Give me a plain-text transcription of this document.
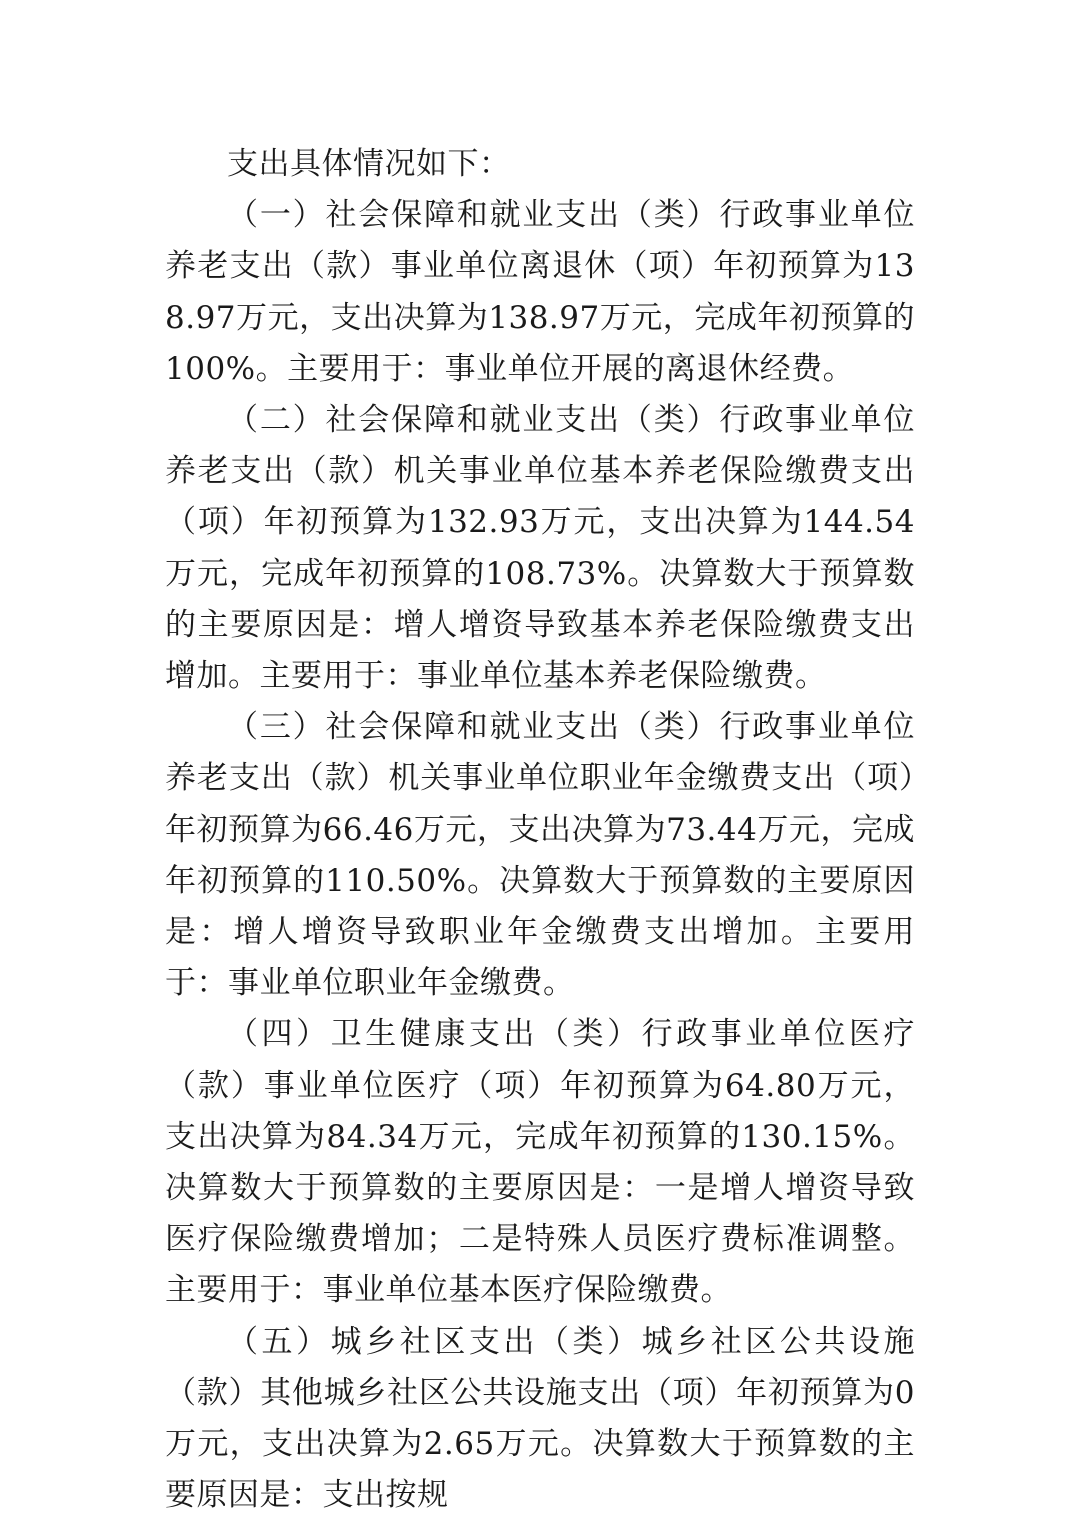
支出具体情况如下：

（一）社会保障和就业支出（类）行政事业单位养老支出（款）事业单位离退休（项）年初预算为138.97万元，支出决算为138.97万元，完成年初预算的100%。主要用于：事业单位开展的离退休经费。

（二）社会保障和就业支出（类）行政事业单位养老支出（款）机关事业单位基本养老保险缴费支出（项）年初预算为132.93万元，支出决算为144.54万元，完成年初预算的108.73%。决算数大于预算数的主要原因是：增人增资导致基本养老保险缴费支出增加。主要用于：事业单位基本养老保险缴费。

（三）社会保障和就业支出（类）行政事业单位养老支出（款）机关事业单位职业年金缴费支出（项）年初预算为66.46万元，支出决算为73.44万元，完成年初预算的110.50%。决算数大于预算数的主要原因是：增人增资导致职业年金缴费支出增加。主要用于：事业单位职业年金缴费。

（四）卫生健康支出（类）行政事业单位医疗（款）事业单位医疗（项）年初预算为64.80万元，支出决算为84.34万元，完成年初预算的130.15%。决算数大于预算数的主要原因是：一是增人增资导致医疗保险缴费增加；二是特殊人员医疗费标准调整。主要用于：事业单位基本医疗保险缴费。

（五）城乡社区支出（类）城乡社区公共设施（款）其他城乡社区公共设施支出（项）年初预算为0万元，支出决算为2.65万元。决算数大于预算数的主要原因是：支出按规
